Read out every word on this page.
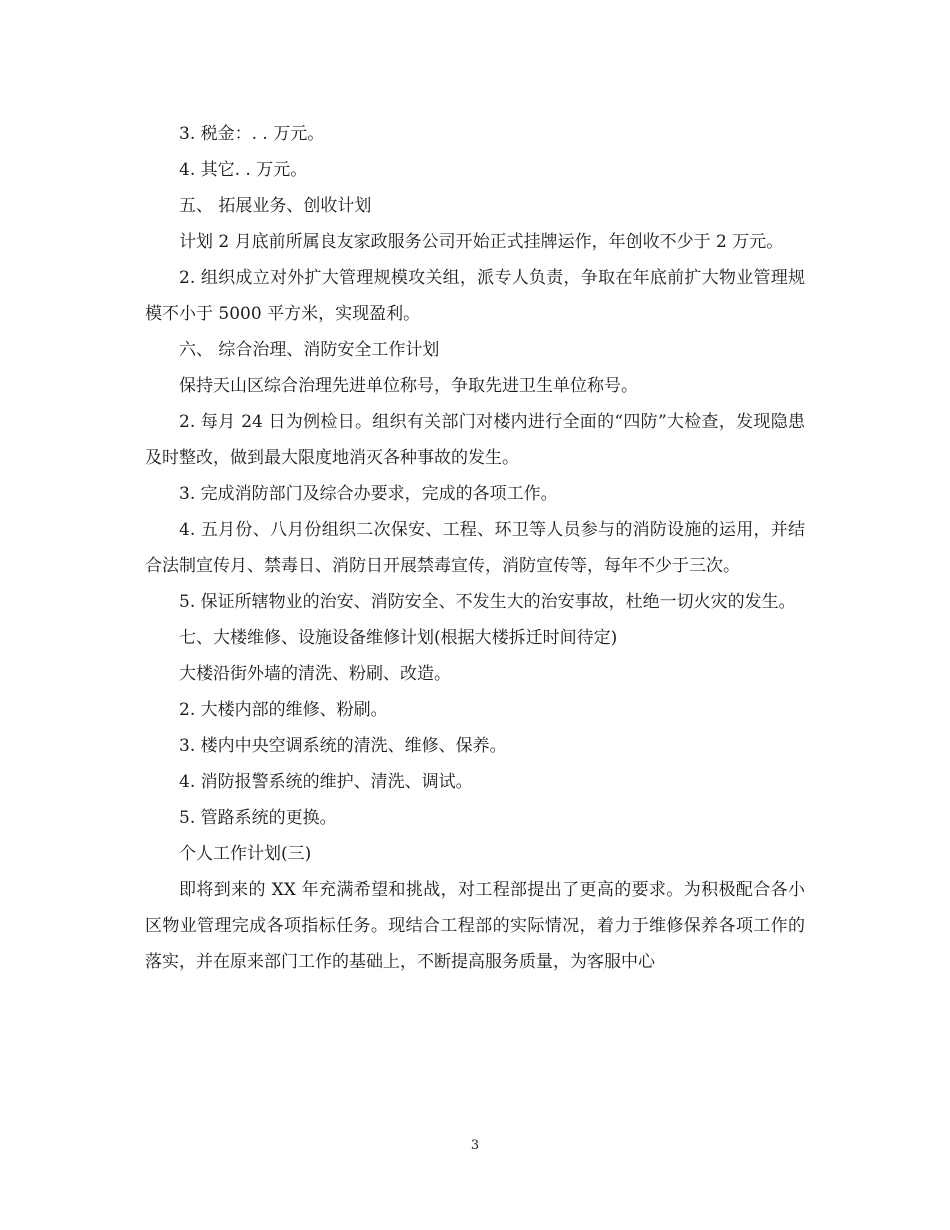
3. 税金：. . 万元。

4. 其它. . 万元。

五、 拓展业务、创收计划

计划 2 月底前所属良友家政服务公司开始正式挂牌运作，年创收不少于 2 万元。

2. 组织成立对外扩大管理规模攻关组，派专人负责，争取在年底前扩大物业管理规模不小于 5000 平方米，实现盈利。

六、 综合治理、消防安全工作计划

保持天山区综合治理先进单位称号，争取先进卫生单位称号。

2. 每月 24 日为例检日。组织有关部门对楼内进行全面的“四防”大检查，发现隐患及时整改，做到最大限度地消灭各种事故的发生。

3. 完成消防部门及综合办要求，完成的各项工作。

4. 五月份、八月份组织二次保安、工程、环卫等人员参与的消防设施的运用，并结合法制宣传月、禁毒日、消防日开展禁毒宣传，消防宣传等，每年不少于三次。

5. 保证所辖物业的治安、消防安全、不发生大的治安事故，杜绝一切火灾的发生。

七、大楼维修、设施设备维修计划(根据大楼拆迁时间待定)

大楼沿街外墙的清洗、粉刷、改造。

2. 大楼内部的维修、粉刷。

3. 楼内中央空调系统的清洗、维修、保养。

4. 消防报警系统的维护、清洗、调试。

5. 管路系统的更换。

个人工作计划(三)

即将到来的 XX 年充满希望和挑战，对工程部提出了更高的要求。为积极配合各小区物业管理完成各项指标任务。现结合工程部的实际情况，着力于维修保养各项工作的落实，并在原来部门工作的基础上，不断提高服务质量，为客服中心

3
